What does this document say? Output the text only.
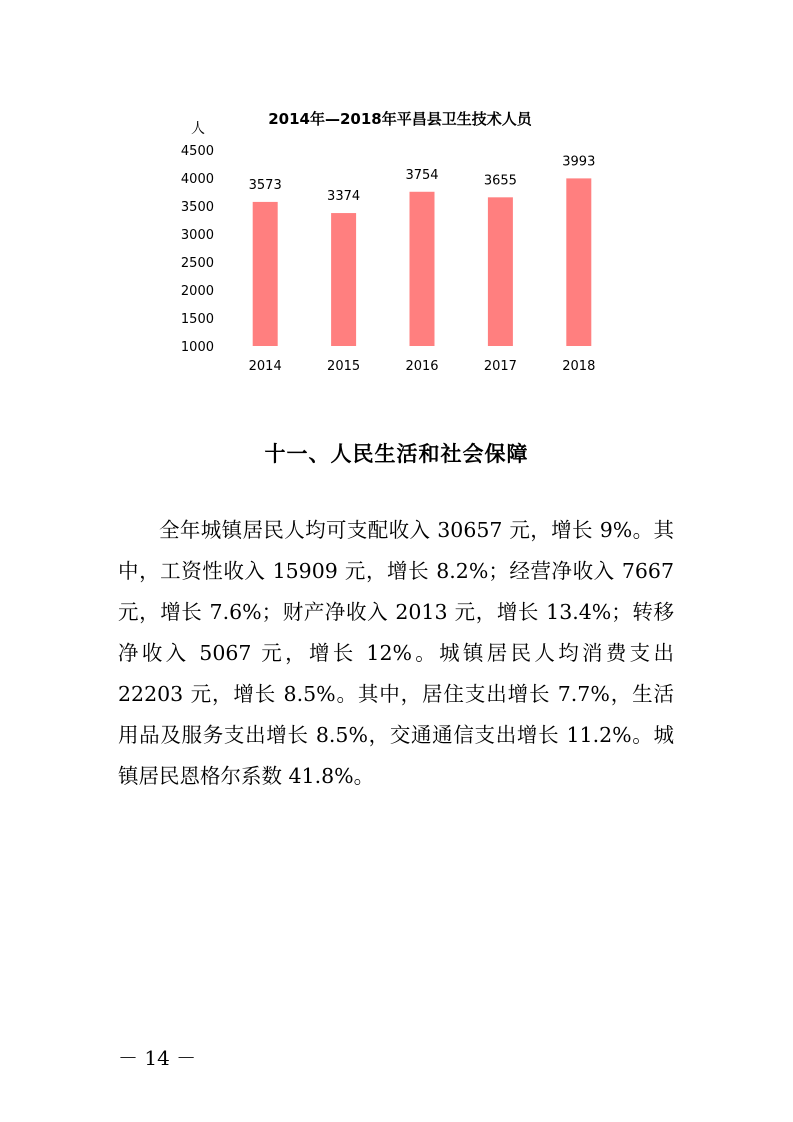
2014年—2018年平昌县卫生技术人员
人
1000
1500
2000
2500
3000
3500
4000
4500
2014	2015	2016	2017	2018
3573
3374
3754	3655
3993
十一、人民生活和社会保障

全年城镇居民人均可支配收入 30657 元，增长 9%。其中，工资性收入 15909 元，增长 8.2%；经营净收入 7667 元，增长 7.6%；财产净收入 2013 元，增长 13.4%；转移净收入 5067 元，增长 12%。城镇居民人均消费支出 22203 元，增长 8.5%。其中，居住支出增长 7.7%，生活用品及服务支出增长 8.5%，交通通信支出增长 11.2%。城镇居民恩格尔系数 41.8%。

－ 14 －
